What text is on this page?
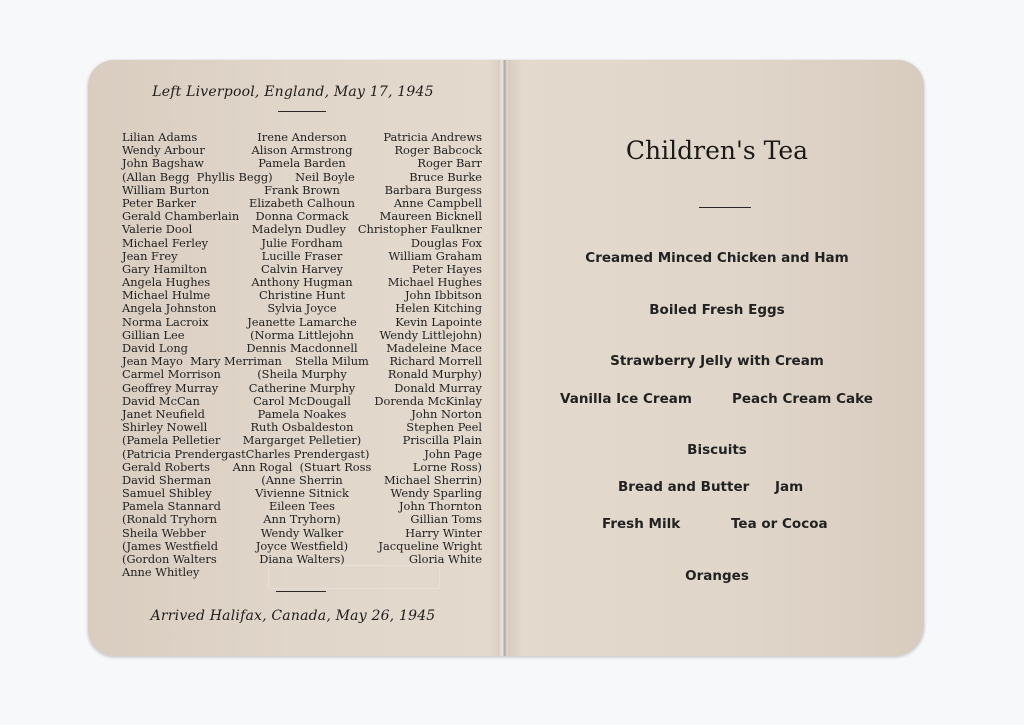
Left Liverpool, England, May 17, 1945
Lilian Adams	Irene Anderson	Patricia Andrews
Wendy Arbour	Alison Armstrong	Roger Babcock
John Bagshaw	Pamela Barden	Roger Barr
(Allan Begg Phyllis Begg)	Neil Boyle	Bruce Burke
William Burton	Frank Brown	Barbara Burgess
Peter Barker	Elizabeth Calhoun	Anne Campbell
Gerald Chamberlain	Donna Cormack	Maureen Bicknell
Valerie Dool	Madelyn Dudley	Christopher Faulkner
Michael Ferley	Julie Fordham	Douglas Fox
Jean Frey	Lucille Fraser	William Graham
Gary Hamilton	Calvin Harvey	Peter Hayes
Angela Hughes	Anthony Hugman	Michael Hughes
Michael Hulme	Christine Hunt	John Ibbitson
Angela Johnston	Sylvia Joyce	Helen Kitching
Norma Lacroix	Jeanette Lamarche	Kevin Lapointe
Gillian Lee	(Norma Littlejohn	Wendy Littlejohn)
David Long	Dennis Macdonnell	Madeleine Mace
Jean Mayo Mary Merriman	Stella Milum	Richard Morrell
Carmel Morrison	(Sheila Murphy	Ronald Murphy)
Geoffrey Murray	Catherine Murphy	Donald Murray
David McCan	Carol McDougall	Dorenda McKinlay
Janet Neufield	Pamela Noakes	John Norton
Shirley Nowell	Ruth Osbaldeston	Stephen Peel
(Pamela Pelletier	Margarget Pelletier)	Priscilla Plain
(Patricia Prendergast Charles Prendergast)	John Page
Gerald Roberts	Ann Rogal (Stuart Ross	Lorne Ross)
David Sherman	(Anne Sherrin	Michael Sherrin)
Samuel Shibley	Vivienne Sitnick	Wendy Sparling
Pamela Stannard	Eileen Tees	John Thornton
(Ronald Tryhorn	Ann Tryhorn)	Gillian Toms
Sheila Webber	Wendy Walker	Harry Winter
(James Westfield	Joyce Westfield)	Jacqueline Wright
(Gordon Walters	Diana Walters)	Gloria White
Anne Whitley
Arrived Halifax, Canada, May 26, 1945
Children's Tea
Creamed Minced Chicken and Ham
Boiled Fresh Eggs
Strawberry Jelly with Cream
Vanilla Ice Cream	Peach Cream Cake
Biscuits
Bread and Butter Jam
Fresh Milk	Tea or Cocoa
Oranges
